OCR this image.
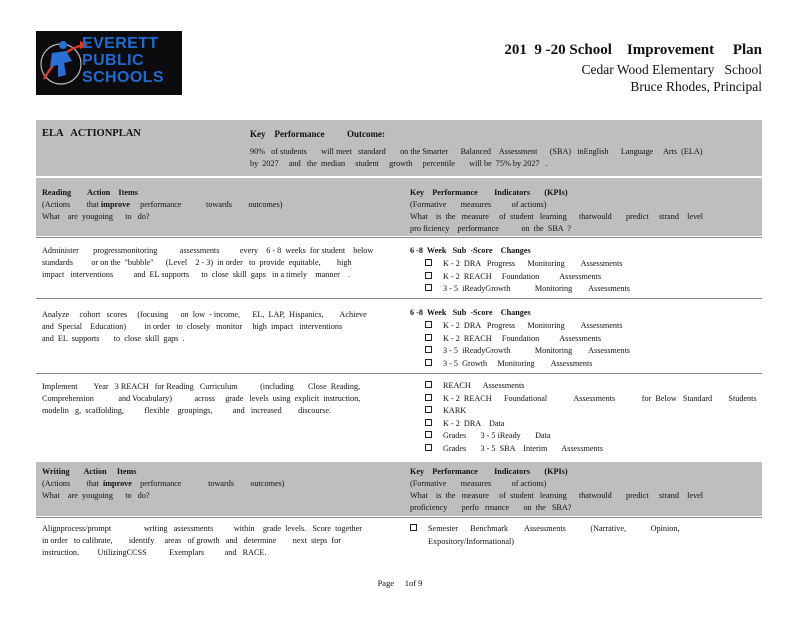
EVERETT
PUBLIC
SCHOOLS
201  9 -20 School    Improvement     Plan
Cedar Wood Elementary   School
Bruce Rhodes, Principal
ELA   ACTIONPLAN	Key    Performance          Outcome:
90%   of students       will meet   standard       on the Smarter      Balanced    Assessment      (SBA)   inEnglish      Language     Arts  (ELA)
by  2027     and   the  median     student     growth     percentile       will be  75% by 2027   .
Reading        Action    Items
(Actions        that improve     performance            towards        outcomes)
What    are  yougoing      to   do?
Key    Performance        Indicators       (KPIs)
(Formative       measures          of actions)
What    is  the   measure     of  student   learning      thatwould       predict     strand    level
pro ficiency    performance           on  the  SBA  ?
Administer       progressmonitoring           assessments          every    6 - 8  weeks  for student    below
standards         or on the  "bubble"      (Level    2 - 3)  in order   to  provide  equitable,        high
impact   interventions          and  EL supports      to  close  skill  gaps   in a timely    manner    .
6 -8  Week   Sub  -Score    Changes
K - 2  DRA   Progress      Monitoring        Assessments
K - 2  REACH     Foundation          Assessments
3 - 5  iReadyGrowth            Monitoring        Assessments
Analyze     cohort   scores     (focusing      on  low  - income,      EL,  LAP,  Hispanics,        Achieve
and  Special    Education)         in order   to  closely   monitor     high  impact   interventions
and  EL  supports       to  close  skill  gaps  .
6 -8  Week   Sub  -Score    Changes
K - 2  DRA   Progress      Monitoring        Assessments
K - 2  REACH     Foundation          Assessments
3 - 5  iReadyGrowth            Monitoring        Assessments
3 - 5  Growth     Monitoring        Assessments
Implement        Year   3 REACH   for Reading   Curriculum           (including       Close  Reading,
Comprehension            and Vocabulary)           across     grade   levels  using  explicit  instruction,
modelin   g,  scaffolding,          flexible    groupings,          and   increased        discourse.
REACH      Assessments
K - 2  REACH      Foundational             Assessments             for  Below   Standard        Students
KARK
K - 2  DRA    Data
Grades       3 - 5 iReady       Data
Grades       3 - 5  SBA    Interim       Assessments
Writing       Action     Items
(Actions        that  improve    performance             towards        outcomes)
What    are  yougoing      to   do?
Key    Performance        Indicators       (KPIs)
(Formative       measures          of actions)
What    is  the   measure     of  student   learning      thatwould       predict     strand    level
proficiency       perfo   rmance       on  the   SBA?
Alignprocess/prompt                writing   assessments          within    grade  levels.   Score  together
in order   to calibrate,        identify     areas   of growth   and   determine        next  steps  for
instruction.         UtilizingCCSS           Exemplars          and   RACE.
Semester      Benchmark        Assessments            (Narrative,            Opinion,
Expository/Informational)
Page     1of 9
